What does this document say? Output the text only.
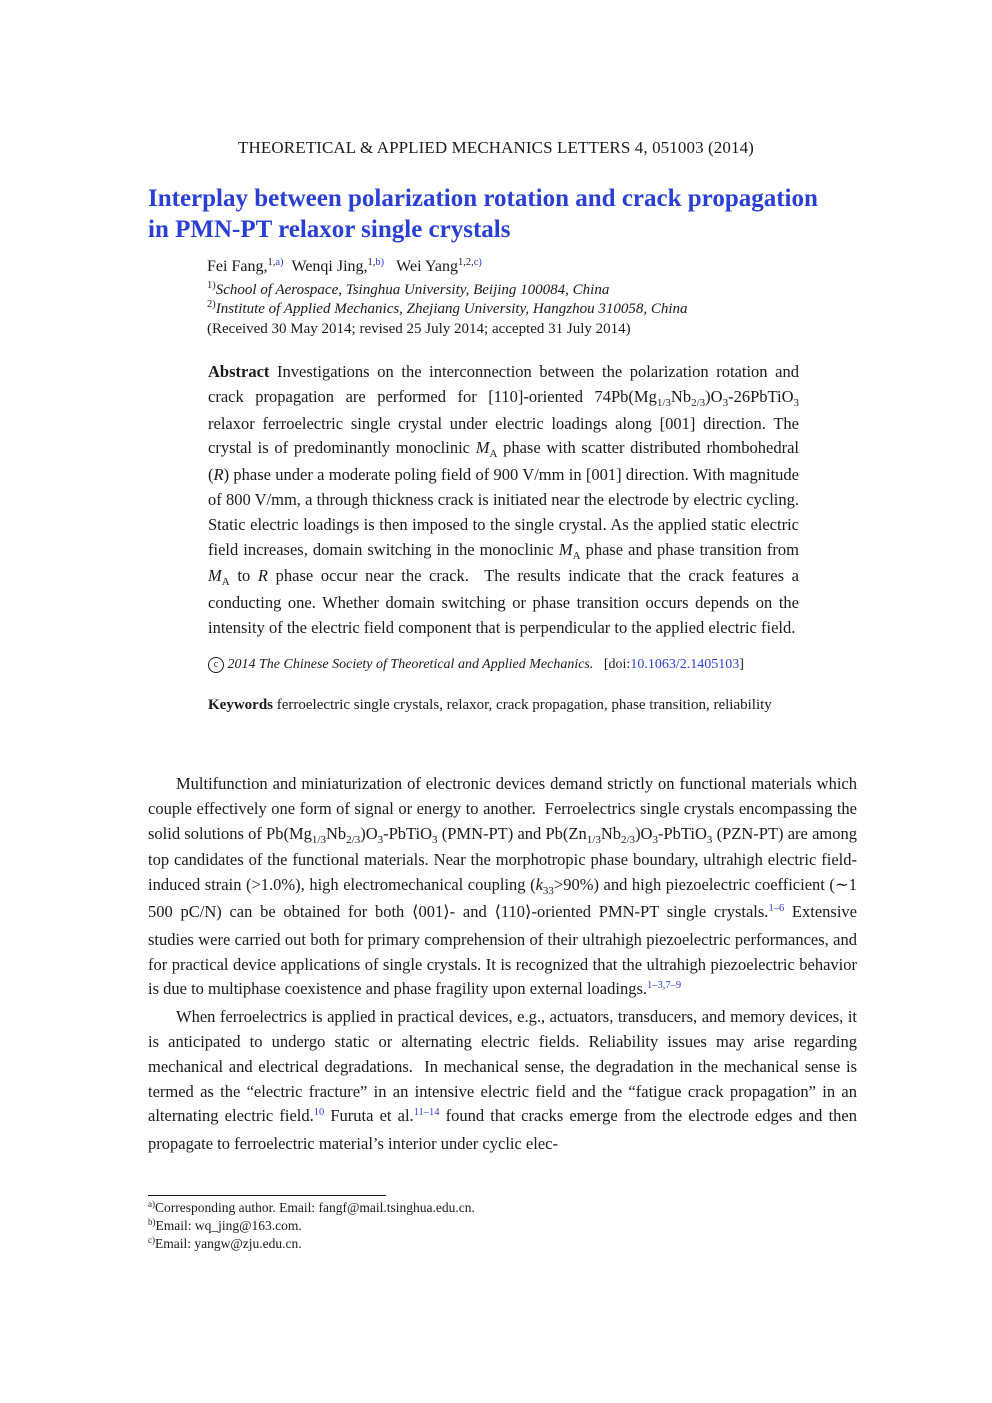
THEORETICAL & APPLIED MECHANICS LETTERS 4, 051003 (2014)
Interplay between polarization rotation and crack propagation
in PMN-PT relaxor single crystals
Fei Fang,$^{1,a)}$ Wenqi Jing,$^{1,b)}$ Wei Yang$^{1,2,c)}$
$^{1)}$School of Aerospace, Tsinghua University, Beijing 100084, China
$^{2)}$Institute of Applied Mechanics, Zhejiang University, Hangzhou 310058, China
(Received 30 May 2014; revised 25 July 2014; accepted 31 July 2014)
Abstract Investigations on the interconnection between the polarization rotation and crack propagation are performed for [110]-oriented $74Pb(Mg_{1/3}Nb_{2/3})O_3-26PbTiO_3$ relaxor ferroelectric single crystal under electric loadings along [001] direction. The crystal is of predominantly monoclinic $M_A$ phase with scatter distributed rhombohedral (R) phase under a moderate poling field of 900 V/mm in [001] direction. With magnitude of 800 V/mm, a through thickness crack is initiated near the electrode by electric cycling. Static electric loadings is then imposed to the single crystal. As the applied static electric field increases, domain switching in the monoclinic $M_A$ phase and phase transition from $M_A$ to R phase occur near the crack.  The results indicate that the crack features a conducting one. Whether domain switching or phase transition occurs depends on the intensity of the electric field component that is perpendicular to the applied electric field.
c 2014 The Chinese Society of Theoretical and Applied Mechanics. [doi:10.1063/2.1405103]
Keywords ferroelectric single crystals, relaxor, crack propagation, phase transition, reliability

Multifunction and miniaturization of electronic devices demand strictly on functional materials which couple effectively one form of signal or energy to another.  Ferroelectrics single crystals encompassing the solid solutions of $Pb(Mg_{1/3}Nb_{2/3})O_3-PbTiO_3$ (PMN-PT) and $Pb(Zn_{1/3}Nb_{2/3})O_3-PbTiO_3$ (PZN-PT) are among top candidates of the functional materials. Near the morphotropic phase boundary, ultrahigh electric field-induced strain (>1.0%), high electromechanical coupling $(k_{33}>90\%)$ and high piezoelectric coefficient (∼1 500 pC/N) can be obtained for both ⟨001⟩- and ⟨110⟩-oriented PMN-PT single crystals.$^{1-6}$ Extensive studies were carried out both for primary comprehension of their ultrahigh piezoelectric performances, and for practical device applications of single crystals. It is recognized that the ultrahigh piezoelectric behavior is due to multiphase coexistence and phase fragility upon external loadings.$^{1-3,7-9}$

When ferroelectrics is applied in practical devices, e.g., actuators, transducers, and memory devices, it is anticipated to undergo static or alternating electric fields. Reliability issues may arise regarding mechanical and electrical degradations.  In mechanical sense, the degradation in the mechanical sense is termed as the “electric fracture” in an intensive electric field and the “fatigue crack propagation” in an alternating electric field.$^{10}$ Furuta et al.$^{11-14}$ found that cracks emerge from the electrode edges and then propagate to ferroelectric material’s interior under cyclic elec-

$^{a)}$Corresponding author. Email: fangf@mail.tsinghua.edu.cn.
$^{b)}$Email: wq_jing@163.com.
$^{c)}$Email: yangw@zju.edu.cn.
